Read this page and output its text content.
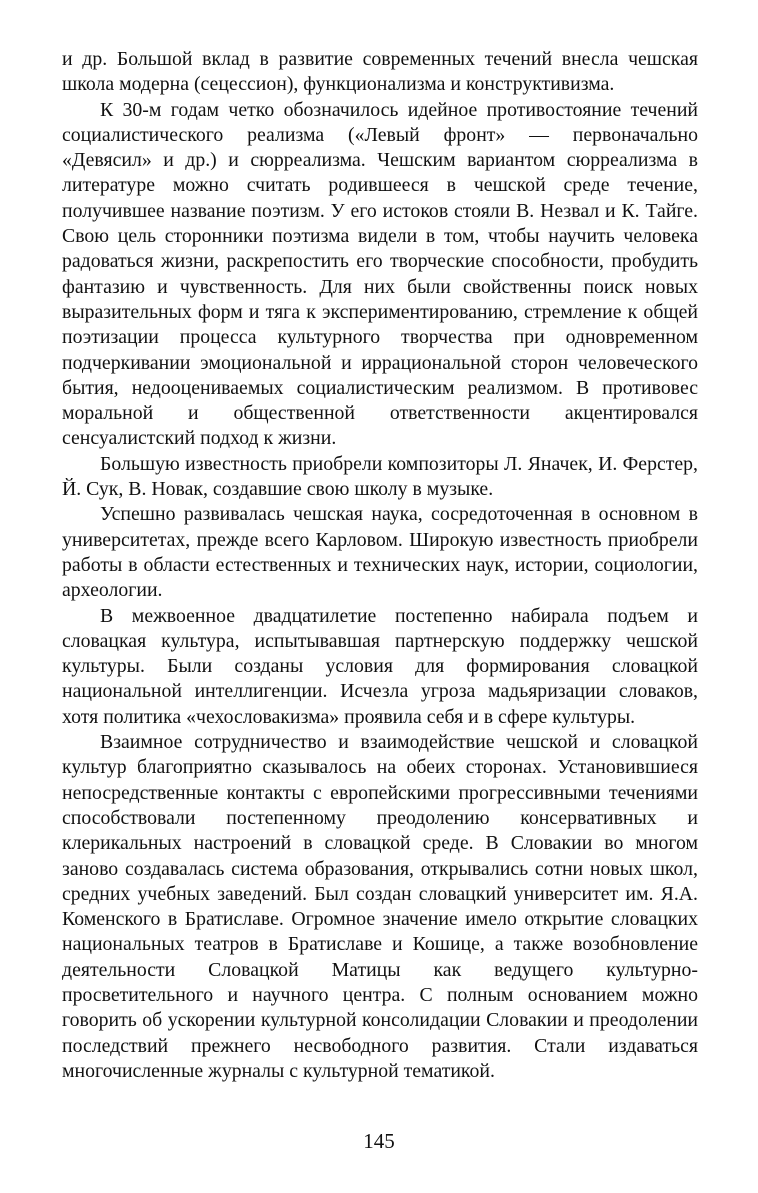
и др. Большой вклад в развитие современных течений внесла чешская школа модерна (сецессион), функционализма и конструктивизма.

К 30-м годам четко обозначилось идейное противостояние течений социалистического реализма («Левый фронт» — первоначально «Девясил» и др.) и сюрреализма. Чешским вариантом сюрреализма в литературе можно считать родившееся в чешской среде течение, получившее название поэтизм. У его истоков стояли В. Незвал и К. Тайге. Свою цель сторонники поэтизма видели в том, чтобы научить человека радоваться жизни, раскрепостить его творческие способности, пробудить фантазию и чувственность. Для них были свойственны поиск новых выразительных форм и тяга к экспериментированию, стремление к общей поэтизации процесса культурного творчества при одновременном подчеркивании эмоциональной и иррациональной сторон человеческого бытия, недооцениваемых социалистическим реализмом. В противовес моральной и общественной ответственности акцентировался сенсуалистский подход к жизни.

Большую известность приобрели композиторы Л. Яначек, И. Ферстер, Й. Сук, В. Новак, создавшие свою школу в музыке.

Успешно развивалась чешская наука, сосредоточенная в основном в университетах, прежде всего Карловом. Широкую известность приобрели работы в области естественных и технических наук, истории, социологии, археологии.

В межвоенное двадцатилетие постепенно набирала подъем и словацкая культура, испытывавшая партнерскую поддержку чешской культуры. Были созданы условия для формирования словацкой национальной интеллигенции. Исчезла угроза мадьяризации словаков, хотя политика «чехословакизма» проявила себя и в сфере культуры.

Взаимное сотрудничество и взаимодействие чешской и словацкой культур благоприятно сказывалось на обеих сторонах. Установившиеся непосредственные контакты с европейскими прогрессивными течениями способствовали постепенному преодолению консервативных и клерикальных настроений в словацкой среде. В Словакии во многом заново создавалась система образования, открывались сотни новых школ, средних учебных заведений. Был создан словацкий университет им. Я.А. Коменского в Братиславе. Огромное значение имело открытие словацких национальных театров в Братиславе и Кошице, а также возобновление деятельности Словацкой Матицы как ведущего культурно-просветительного и научного центра. С полным основанием можно говорить об ускорении культурной консолидации Словакии и преодолении последствий прежнего несвободного развития. Стали издаваться многочисленные журналы с культурной тематикой.

145
